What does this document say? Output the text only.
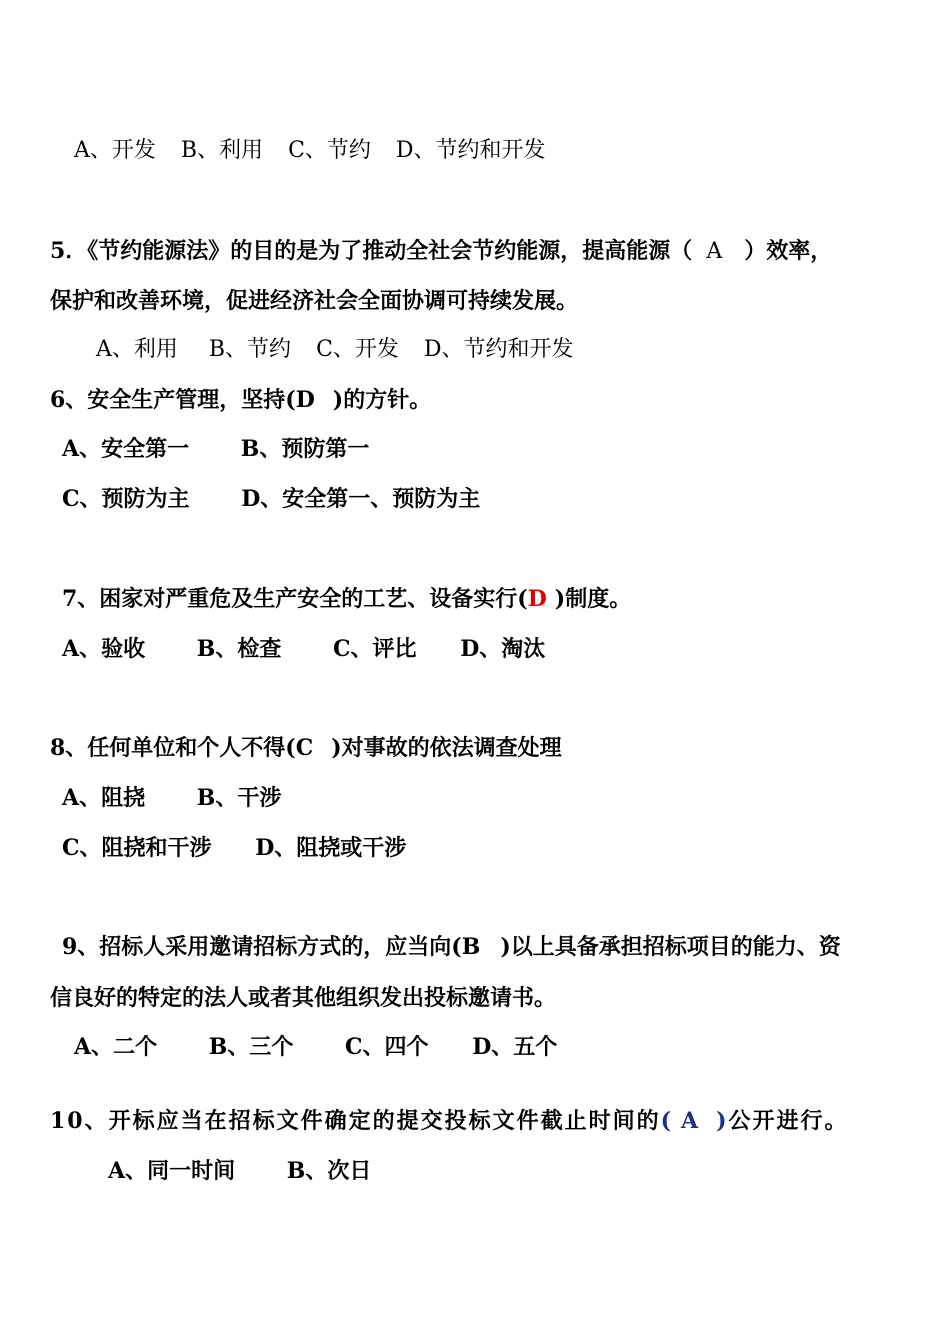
A、开发 B、利用 C、节约 D、节约和开发
5．《节约能源法》的目的是为了推动全社会节约能源，提高能源（ A ）效率，
保护和改善环境，促进经济社会全面协调可持续发展。
A、利用 B、节约 C、开发 D、节约和开发
6、安全生产管理，坚持(D )的方针。
A、安全第一 B、预防第一
C、预防为主 D、安全第一、预防为主
7、困家对严重危及生产安全的工艺、设备实行(D )制度。
A、验收 B、检查 C、评比 D、淘汰
8、任何单位和个人不得(C )对事故的依法调查处理
A、阻挠 B、干涉
C、阻挠和干涉 D、阻挠或干涉
9、招标人采用邀请招标方式的，应当向(B )以上具备承担招标项目的能力、资
信良好的特定的法人或者其他组织发出投标邀请书。
A、二个 B、三个 C、四个 D、五个
10、开标应当在招标文件确定的提交投标文件截止时间的( A )公开进行。
A、同一时间 B、次日
